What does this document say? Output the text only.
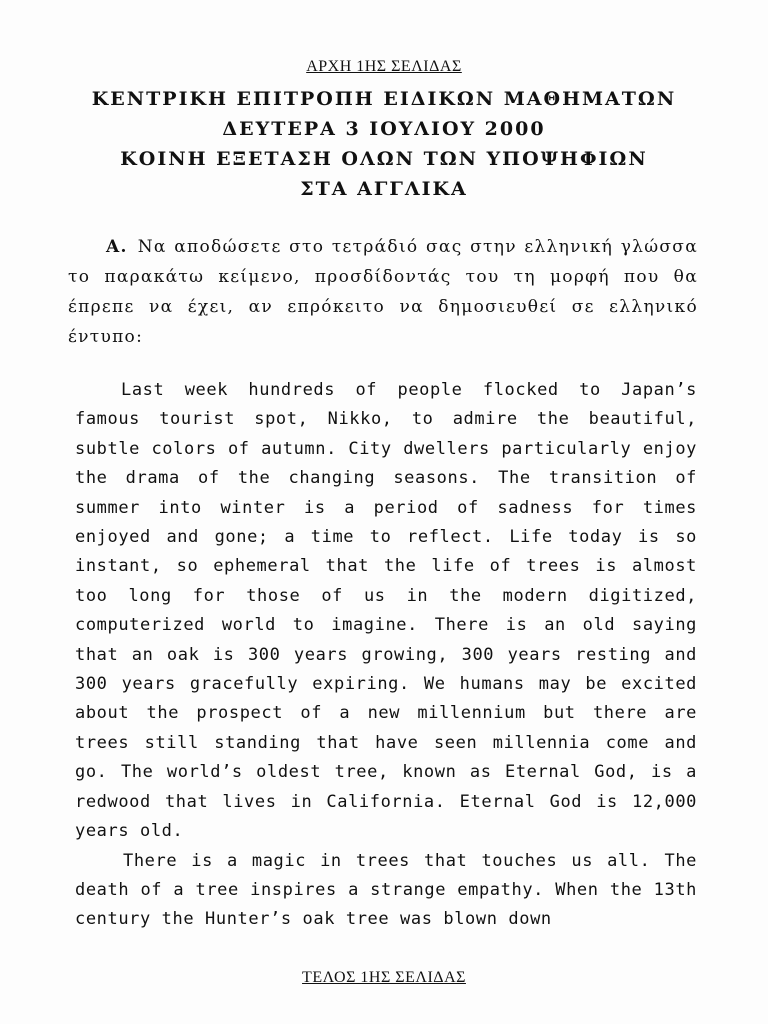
ΑΡΧΗ 1ΗΣ ΣΕΛΙΔΑΣ
ΚΕΝΤΡΙΚΗ ΕΠΙΤΡΟΠΗ ΕΙΔΙΚΩΝ ΜΑΘΗΜΑΤΩΝ
ΔΕΥΤΕΡΑ 3 ΙΟΥΛΙΟΥ 2000
ΚΟΙΝΗ ΕΞΕΤΑΣΗ ΟΛΩΝ ΤΩΝ ΥΠΟΨΗΦΙΩΝ
ΣΤΑ ΑΓΓΛΙΚΑ
Α. Να αποδώσετε στο τετράδιό σας στην ελληνική γλώσσα το παρακάτω κείμενο, προσδίδοντάς του τη μορφή που θα έπρεπε να έχει, αν επρόκειτο να δημοσιευθεί σε ελληνικό έντυπο:

Last week hundreds of people flocked to Japan’s famous tourist spot, Nikko, to admire the beautiful, subtle colors of autumn. City dwellers particularly enjoy the drama of the changing seasons. The transition of summer into winter is a period of sadness for times enjoyed and gone; a time to reflect. Life today is so instant, so ephemeral that the life of trees is almost too long for those of us in the modern digitized, computerized world to imagine. There is an old saying that an oak is 300 years growing, 300 years resting and 300 years gracefully expiring. We humans may be excited about the prospect of a new millennium but there are trees still standing that have seen millennia come and go. The world’s oldest tree, known as Eternal God, is a redwood that lives in California. Eternal God is 12,000 years old.

There is a magic in trees that touches us all. The death of a tree inspires a strange empathy. When the 13th century the Hunter’s oak tree was blown down

ΤΕΛΟΣ 1ΗΣ ΣΕΛΙΔΑΣ
